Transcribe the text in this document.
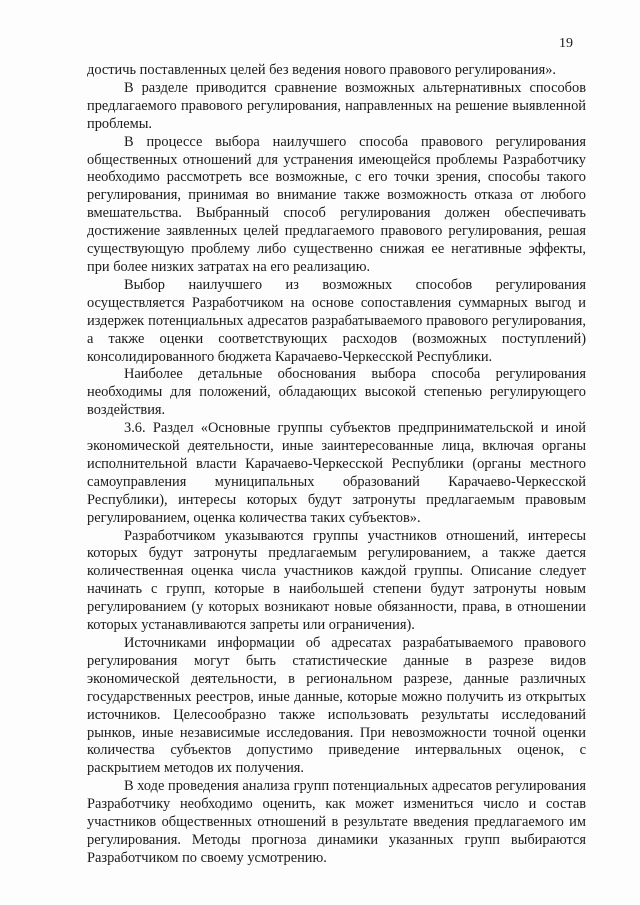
19

достичь поставленных целей без ведения нового правового регулирования».

В разделе приводится сравнение возможных альтернативных способов предлагаемого правового регулирования, направленных на решение выявленной проблемы.

В процессе выбора наилучшего способа правового регулирования общественных отношений для устранения имеющейся проблемы Разработчику необходимо рассмотреть все возможные, с его точки зрения, способы такого регулирования, принимая во внимание также возможность отказа от любого вмешательства. Выбранный способ регулирования должен обеспечивать достижение заявленных целей предлагаемого правового регулирования, решая существующую проблему либо существенно снижая ее негативные эффекты, при более низких затратах на его реализацию.

Выбор наилучшего из возможных способов регулирования осуществляется Разработчиком на основе сопоставления суммарных выгод и издержек потенциальных адресатов разрабатываемого правового регулирования, а также оценки соответствующих расходов (возможных поступлений) консолидированного бюджета Карачаево-Черкесской Республики.

Наиболее детальные обоснования выбора способа регулирования необходимы для положений, обладающих высокой степенью регулирующего воздействия.

3.6. Раздел «Основные группы субъектов предпринимательской и иной экономической деятельности, иные заинтересованные лица, включая органы исполнительной власти Карачаево-Черкесской Республики (органы местного самоуправления муниципальных образований Карачаево-Черкесской Республики), интересы которых будут затронуты предлагаемым правовым регулированием, оценка количества таких субъектов».

Разработчиком указываются группы участников отношений, интересы которых будут затронуты предлагаемым регулированием, а также дается количественная оценка числа участников каждой группы. Описание следует начинать с групп, которые в наибольшей степени будут затронуты новым регулированием (у которых возникают новые обязанности, права, в отношении которых устанавливаются запреты или ограничения).

Источниками информации об адресатах разрабатываемого правового регулирования могут быть статистические данные в разрезе видов экономической деятельности, в региональном разрезе, данные различных государственных реестров, иные данные, которые можно получить из открытых источников. Целесообразно также использовать результаты исследований рынков, иные независимые исследования. При невозможности точной оценки количества субъектов допустимо приведение интервальных оценок, с раскрытием методов их получения.

В ходе проведения анализа групп потенциальных адресатов регулирования Разработчику необходимо оценить, как может измениться число и состав участников общественных отношений в результате введения предлагаемого им регулирования. Методы прогноза динамики указанных групп выбираются Разработчиком по своему усмотрению.
